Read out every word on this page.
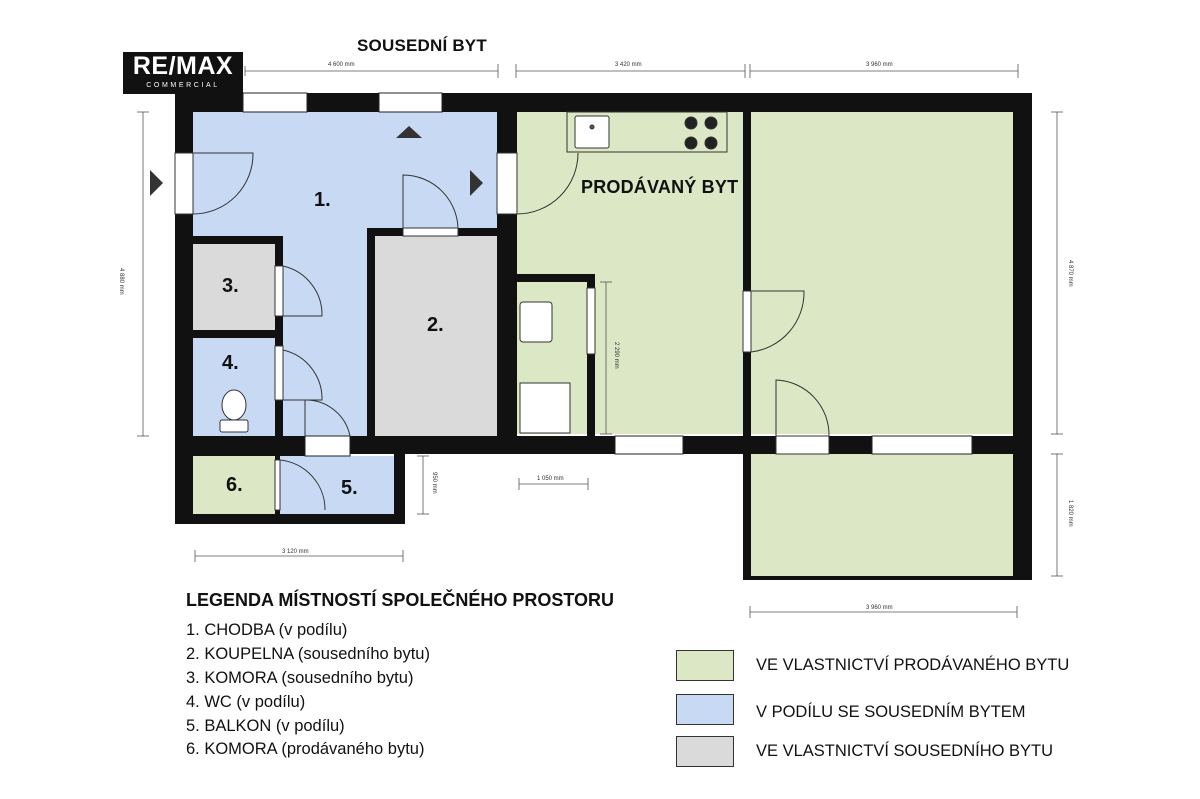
RE/MAX
COMMERCIAL
SOUSEDNÍ BYT
PRODÁVANÝ BYT
1.
2.
3.
4.
5.
6.
4 600 mm	3 420 mm	3 960 mm
4 880 mm	4 870 mm
1 820 mm
3 120 mm
3 960 mm
950 mm	1 050 mm
2 290 mm
LEGENDA MÍSTNOSTÍ SPOLEČNÉHO PROSTORU
1. CHODBA (v podílu)
2. KOUPELNA (sousedního bytu)
3. KOMORA (sousedního bytu)
4. WC (v podílu)
5. BALKON (v podílu)
6. KOMORA (prodávaného bytu)
VE VLASTNICTVÍ PRODÁVANÉHO BYTU
V PODÍLU SE SOUSEDNÍM BYTEM
VE VLASTNICTVÍ SOUSEDNÍHO BYTU
